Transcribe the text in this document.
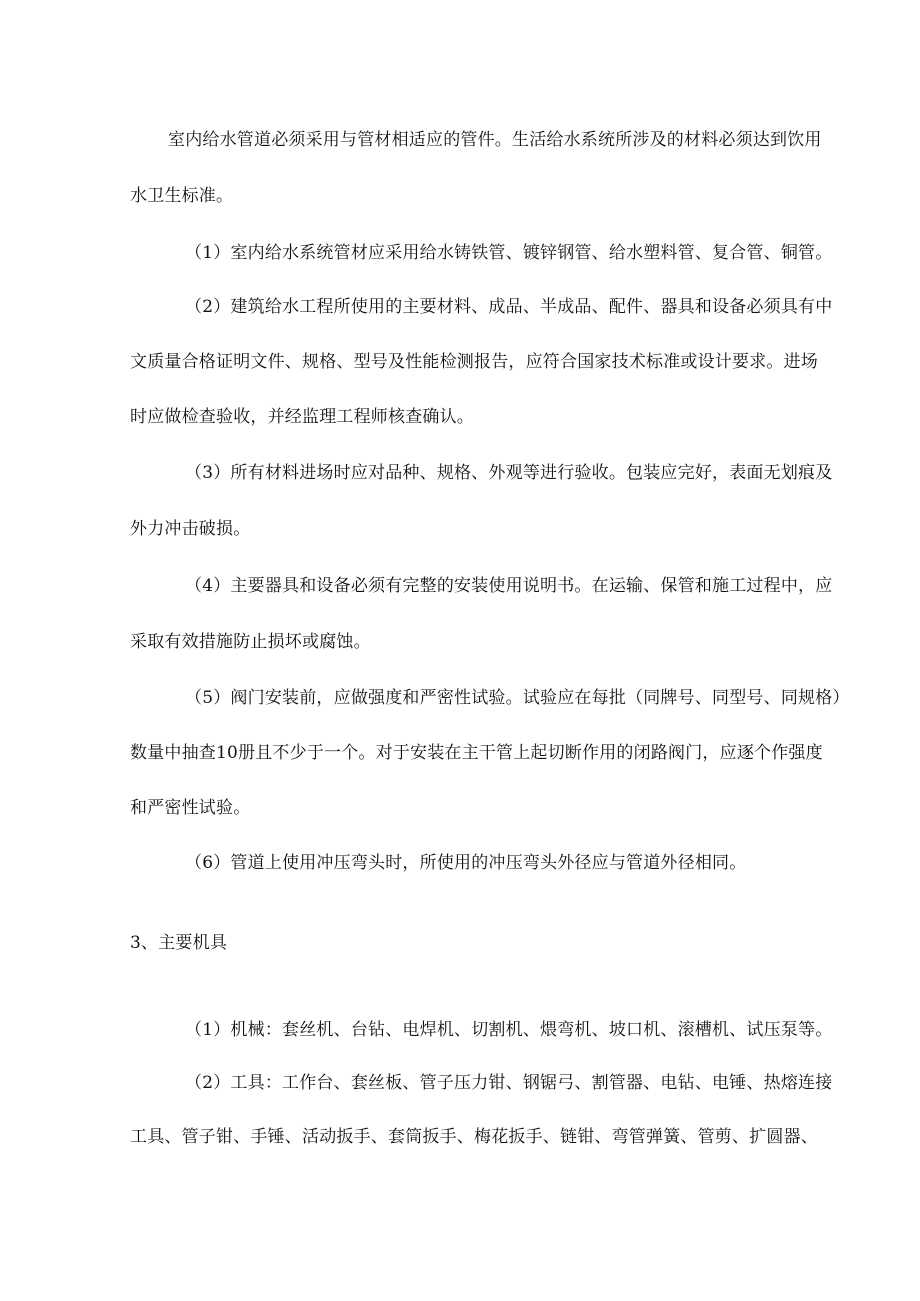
室内给水管道必须采用与管材相适应的管件。生活给水系统所涉及的材料必须达到饮用

水卫生标准。

（1）室内给水系统管材应采用给水铸铁管、镀锌钢管、给水塑料管、复合管、铜管。

（2）建筑给水工程所使用的主要材料、成品、半成品、配件、器具和设备必须具有中

文质量合格证明文件、规格、型号及性能检测报告，应符合国家技术标准或设计要求。进场

时应做检查验收，并经监理工程师核查确认。

（3）所有材料进场时应对品种、规格、外观等进行验收。包装应完好，表面无划痕及

外力冲击破损。

（4）主要器具和设备必须有完整的安装使用说明书。在运输、保管和施工过程中，应

采取有效措施防止损坏或腐蚀。

（5）阀门安装前，应做强度和严密性试验。试验应在每批（同牌号、同型号、同规格）

数量中抽查10册且不少于一个。对于安装在主干管上起切断作用的闭路阀门，应逐个作强度

和严密性试验。

（6）管道上使用冲压弯头时，所使用的冲压弯头外径应与管道外径相同。

3、主要机具

（1）机械：套丝机、台钻、电焊机、切割机、煨弯机、坡口机、滚槽机、试压泵等。

（2）工具：工作台、套丝板、管子压力钳、钢锯弓、割管器、电钻、电锤、热熔连接

工具、管子钳、手锤、活动扳手、套筒扳手、梅花扳手、链钳、弯管弹簧、管剪、扩圆器、
